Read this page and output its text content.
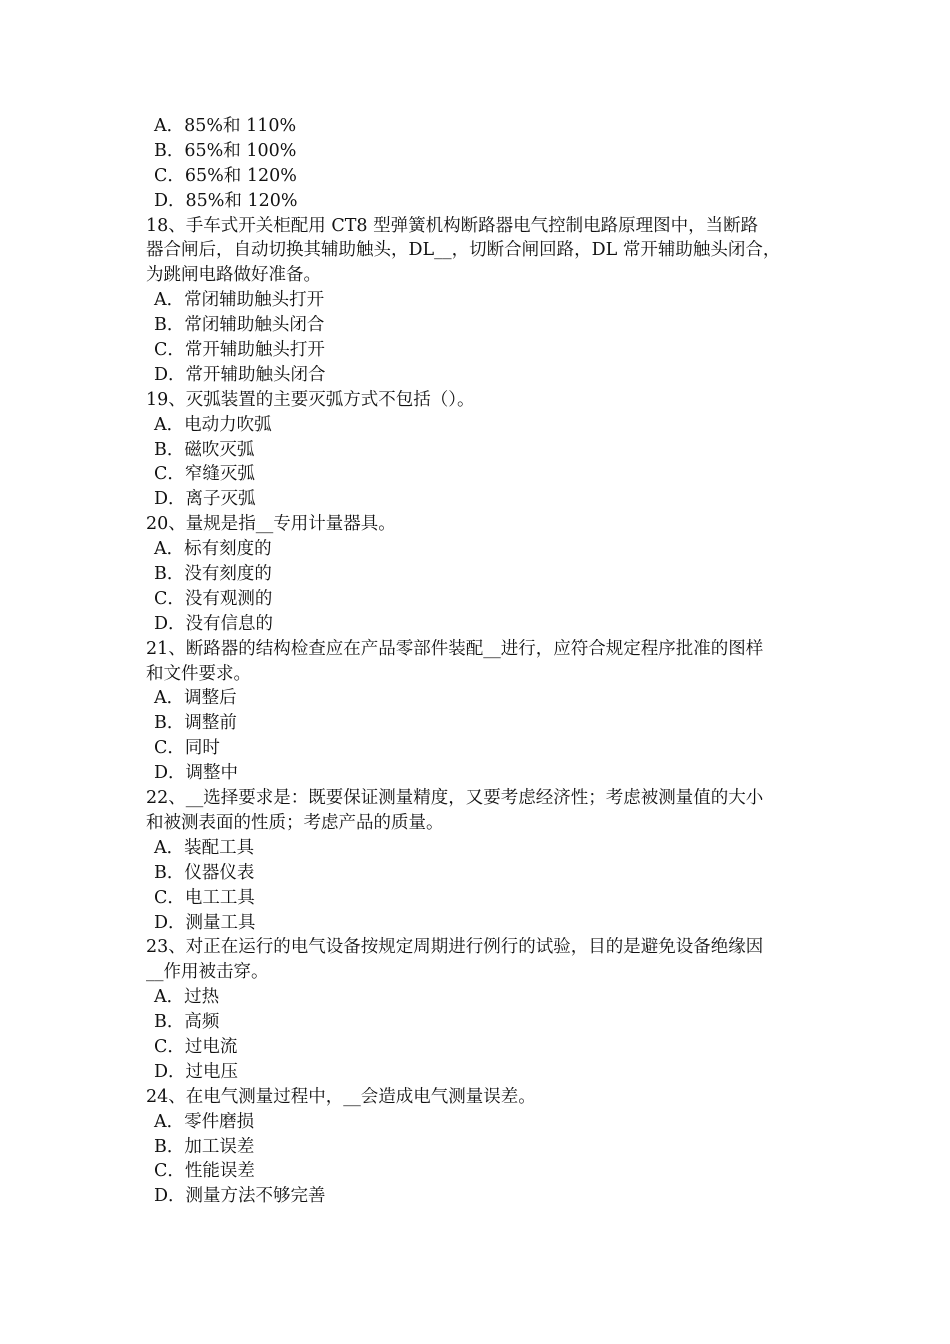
A．85%和 110%
B．65%和 100%
C．65%和 120%
D．85%和 120%
18、手车式开关柜配用 CT8 型弹簧机构断路器电气控制电路原理图中，当断路
器合闸后，自动切换其辅助触头，DL__，切断合闸回路，DL 常开辅助触头闭合，
为跳闸电路做好准备。
A．常闭辅助触头打开
B．常闭辅助触头闭合
C．常开辅助触头打开
D．常开辅助触头闭合
19、灭弧装置的主要灭弧方式不包括（）。
A．电动力吹弧
B．磁吹灭弧
C．窄缝灭弧
D．离子灭弧
20、量规是指__专用计量器具。
A．标有刻度的
B．没有刻度的
C．没有观测的
D．没有信息的
21、断路器的结构检查应在产品零部件装配__进行，应符合规定程序批准的图样
和文件要求。
A．调整后
B．调整前
C．同时
D．调整中
22、__选择要求是：既要保证测量精度，又要考虑经济性；考虑被测量值的大小
和被测表面的性质；考虑产品的质量。
A．装配工具
B．仪器仪表
C．电工工具
D．测量工具
23、对正在运行的电气设备按规定周期进行例行的试验，目的是避免设备绝缘因
__作用被击穿。
A．过热
B．高频
C．过电流
D．过电压
24、在电气测量过程中，__会造成电气测量误差。
A．零件磨损
B．加工误差
C．性能误差
D．测量方法不够完善
